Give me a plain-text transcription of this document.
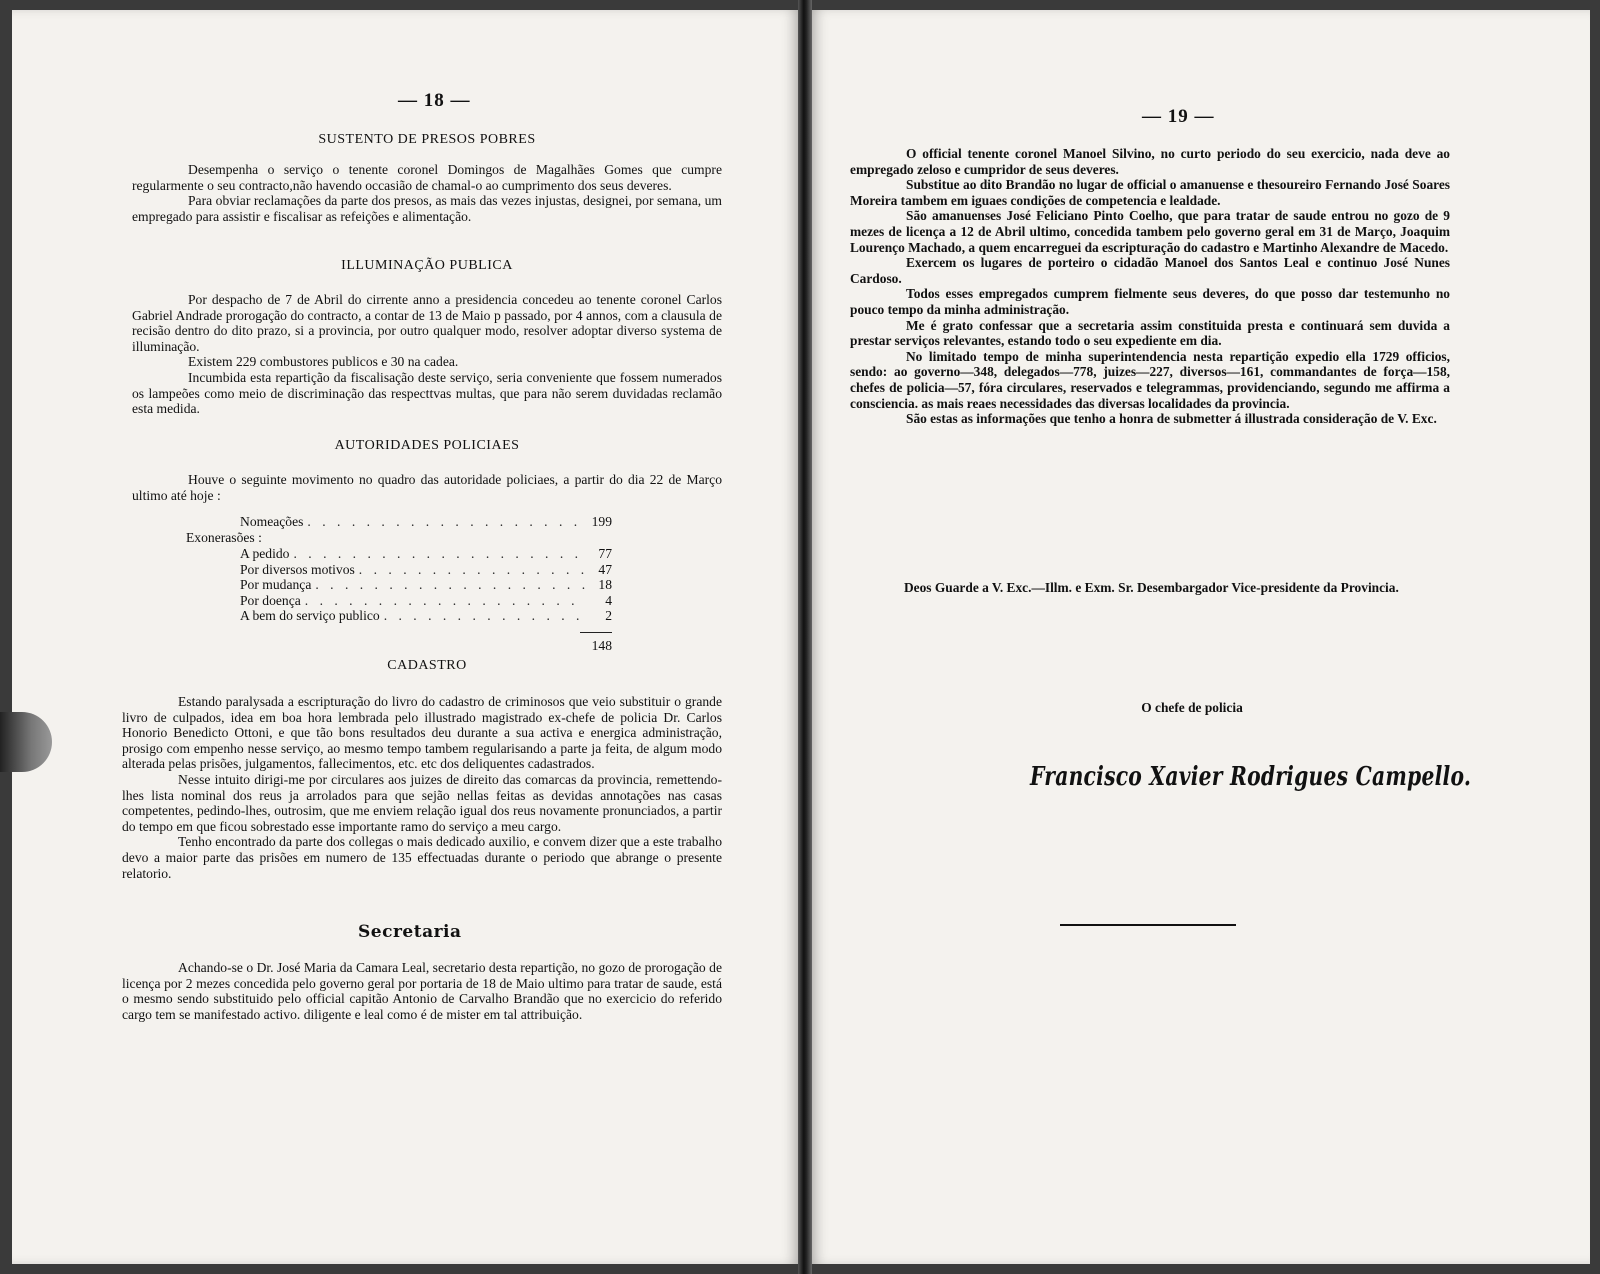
— 18 —
SUSTENTO DE PRESOS POBRES

Desempenha o serviço o tenente coronel Domingos de Magalhães Gomes que cumpre regularmente o seu contracto,não havendo occasião de chamal-o ao cumprimento dos seus deveres.

Para obviar reclamações da parte dos presos, as mais das vezes injustas, designei, por semana, um empregado para assistir e fiscalisar as refeições e alimentação.

ILLUMINAÇÃO PUBLICA

Por despacho de 7 de Abril do cirrente anno a presidencia concedeu ao tenente coronel Carlos Gabriel Andrade prorogação do contracto, a contar de 13 de Maio p passado, por 4 annos, com a clausula de recisão dentro do dito prazo, si a provincia, por outro qualquer modo, resolver adoptar diverso systema de illuminação.

Existem 229 combustores publicos e 30 na cadea.

Incumbida esta repartição da fiscalisação deste serviço, seria conveniente que fossem numerados os lampeões como meio de discriminação das respecttvas multas, que para não serem duvidadas reclamão esta medida.

AUTORIDADES POLICIAES

Houve o seguinte movimento no quadro das autoridade policiaes, a partir do dia 22 de Março ultimo até hoje :

Nomeações . . .	199
Exonerasões :
A pedido . . .	77
Por diversos motivos . . .	47
Por mudança . . .	18
Por doença . . .	4
A bem do serviço publico . . .	2
148
CADASTRO

Estando paralysada a escripturação do livro do cadastro de criminosos que veio substituir o grande livro de culpados, idea em boa hora lembrada pelo illustrado magistrado ex-chefe de policia Dr. Carlos Honorio Benedicto Ottoni, e que tão bons resultados deu durante a sua activa e energica administração, prosigo com empenho nesse serviço, ao mesmo tempo tambem regularisando a parte ja feita, de algum modo alterada pelas prisões, julgamentos, fallecimentos, etc. etc dos deliquentes cadastrados.

Nesse intuito dirigi-me por circulares aos juizes de direito das comarcas da provincia, remettendo-lhes lista nominal dos reus ja arrolados para que sejão nellas feitas as devidas annotações nas casas competentes, pedindo-lhes, outrosim, que me enviem relação igual dos reus novamente pronunciados, a partir do tempo em que ficou sobrestado esse importante ramo do serviço a meu cargo.

Tenho encontrado da parte dos collegas o mais dedicado auxilio, e convem dizer que a este trabalho devo a maior parte das prisões em numero de 135 effectuadas durante o periodo que abrange o presente relatorio.

Secretaria

Achando-se o Dr. José Maria da Camara Leal, secretario desta repartição, no gozo de prorogação de licença por 2 mezes concedida pelo governo geral por portaria de 18 de Maio ultimo para tratar de saude, está o mesmo sendo substituido pelo official capitão Antonio de Carvalho Brandão que no exercicio do referido cargo tem se manifestado activo. diligente e leal como é de mister em tal attribuição.

— 19 —

O official tenente coronel Manoel Silvino, no curto periodo do seu exercicio, nada deve ao empregado zeloso e cumpridor de seus deveres.

Substitue ao dito Brandão no lugar de official o amanuense e thesoureiro Fernando José Soares Moreira tambem em iguaes condições de competencia e lealdade.

São amanuenses José Feliciano Pinto Coelho, que para tratar de saude entrou no gozo de 9 mezes de licença a 12 de Abril ultimo, concedida tambem pelo governo geral em 31 de Março, Joaquim Lourenço Machado, a quem encarreguei da escripturação do cadastro e Martinho Alexandre de Macedo.

Exercem os lugares de porteiro o cidadão Manoel dos Santos Leal e continuo José Nunes Cardoso.

Todos esses empregados cumprem fielmente seus deveres, do que posso dar testemunho no pouco tempo da minha administração.

Me é grato confessar que a secretaria assim constituida presta e continuará sem duvida a prestar serviços relevantes, estando todo o seu expediente em dia.

No limitado tempo de minha superintendencia nesta repartição expedio ella 1729 officios, sendo: ao governo—348, delegados—778, juizes—227, diversos—161, commandantes de força—158, chefes de policia—57, fóra circulares, reservados e telegrammas, providenciando, segundo me affirma a consciencia. as mais reaes necessidades das diversas localidades da provincia.

São estas as informações que tenho a honra de submetter á illustrada consideração de V. Exc.

Deos Guarde a V. Exc.—Illm. e Exm. Sr. Desembargador Vice-presidente da Provincia.
O chefe de policia
Francisco Xavier Rodrigues Campello.
